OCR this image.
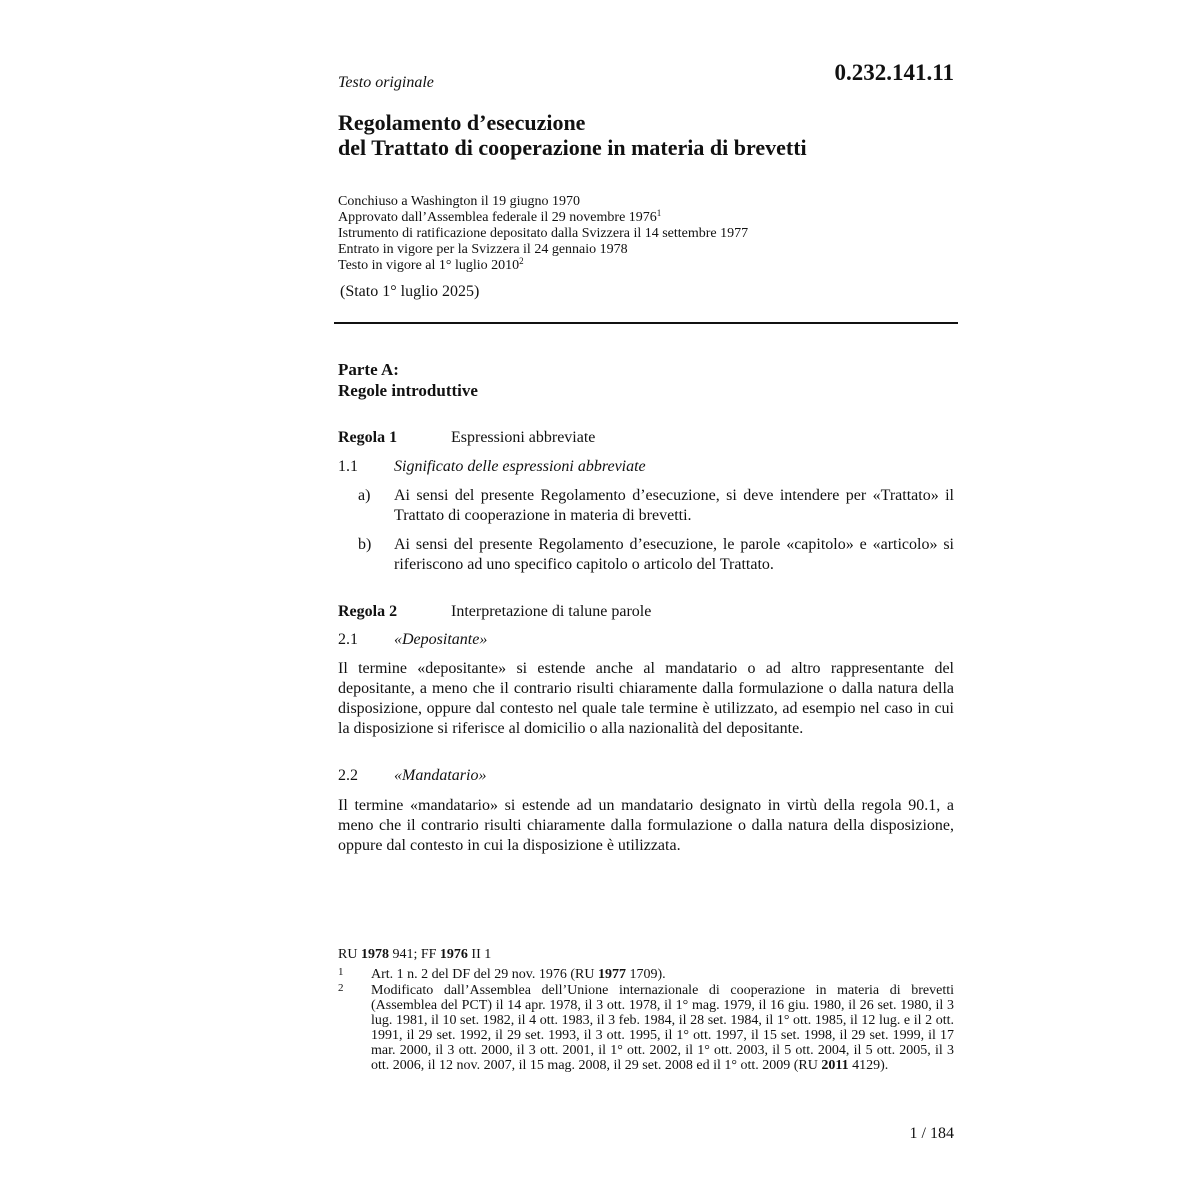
Testo originale	0.232.141.11
Regolamento d’esecuzione
del Trattato di cooperazione in materia di brevetti
Conchiuso a Washington il 19 giugno 1970
Approvato dall’Assemblea federale il 29 novembre 1976$^1$
Istrumento di ratificazione depositato dalla Svizzera il 14 settembre 1977
Entrato in vigore per la Svizzera il 24 gennaio 1978
Testo in vigore al 1° luglio 2010$^2$
(Stato 1° luglio 2025)
Parte A:
Regole introduttive
Regola 1	Espressioni abbreviate
1.1 Significato delle espressioni abbreviate
a) Ai sensi del presente Regolamento d’esecuzione, si deve intendere per «Trattato» il Trattato di cooperazione in materia di brevetti.
b) Ai sensi del presente Regolamento d’esecuzione, le parole «capitolo» e «articolo» si riferiscono ad uno specifico capitolo o articolo del Trattato.
Regola 2	Interpretazione di talune parole
2.1 «Depositante»
Il termine «depositante» si estende anche al mandatario o ad altro rappresentante del depositante, a meno che il contrario risulti chiaramente dalla formulazione o dalla natura della disposizione, oppure dal contesto nel quale tale termine è utilizzato, ad esempio nel caso in cui la disposizione si riferisce al domicilio o alla nazionalità del depositante.
2.2 «Mandatario»
Il termine «mandatario» si estende ad un mandatario designato in virtù della regola 90.1, a meno che il contrario risulti chiaramente dalla formulazione o dalla natura della disposizione, oppure dal contesto in cui la disposizione è utilizzata.
RU 1978 941; FF 1976 II 1
1 Art. 1 n. 2 del DF del 29 nov. 1976 (RU 1977 1709).
2 Modificato dall’Assemblea dell’Unione internazionale di cooperazione in materia di brevetti (Assemblea del PCT) il 14 apr. 1978, il 3 ott. 1978, il 1° mag. 1979, il 16 giu. 1980, il 26 set. 1980, il 3 lug. 1981, il 10 set. 1982, il 4 ott. 1983, il 3 feb. 1984, il 28 set. 1984, il 1° ott. 1985, il 12 lug. e il 2 ott. 1991, il 29 set. 1992, il 29 set. 1993, il 3 ott. 1995, il 1° ott. 1997, il 15 set. 1998, il 29 set. 1999, il 17 mar. 2000, il 3 ott. 2000, il 3 ott. 2001, il 1° ott. 2002, il 1° ott. 2003, il 5 ott. 2004, il 5 ott. 2005, il 3 ott. 2006, il 12 nov. 2007, il 15 mag. 2008, il 29 set. 2008 ed il 1° ott. 2009 (RU 2011 4129).
1 / 184
